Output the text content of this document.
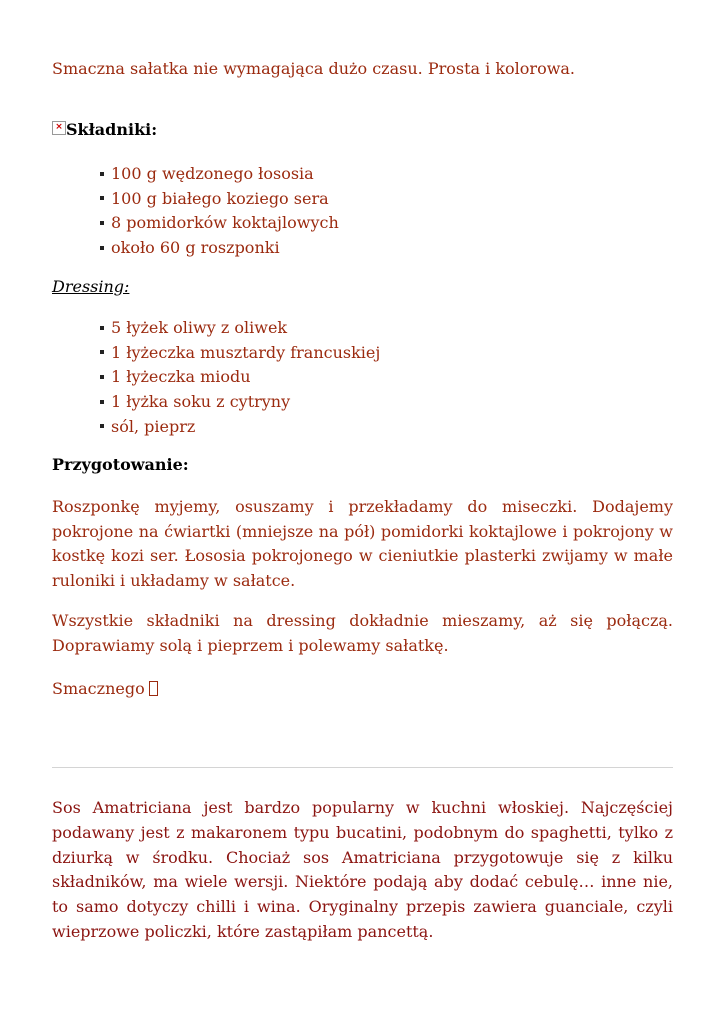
Smaczna sałatka nie wymagająca dużo czasu. Prosta i kolorowa.
× Składniki:
100 g wędzonego łososia
100 g białego koziego sera
8 pomidorków koktajlowych
około 60 g roszponki
Dressing:
5 łyżek oliwy z oliwek
1 łyżeczka musztardy francuskiej
1 łyżeczka miodu
1 łyżka soku z cytryny
sól, pieprz
Przygotowanie:

Roszponkę myjemy, osuszamy i przekładamy do miseczki. Dodajemy pokrojone na ćwiartki (mniejsze na pół) pomidorki koktajlowe i pokrojony w kostkę kozi ser. Łososia pokrojonego w cieniutkie plasterki zwijamy w małe ruloniki i układamy w sałatce.

Wszystkie składniki na dressing dokładnie mieszamy, aż się połączą. Doprawiamy solą i pieprzem i polewamy sałatkę.

Smacznego

Sos Amatriciana jest bardzo popularny w kuchni włoskiej. Najczęściej podawany jest z makaronem typu bucatini, podobnym do spaghetti, tylko z dziurką w środku. Chociaż sos Amatriciana przygotowuje się z kilku składników, ma wiele wersji. Niektóre podają aby dodać cebulę… inne nie, to samo dotyczy chilli i wina. Oryginalny przepis zawiera guanciale, czyli wieprzowe policzki, które zastąpiłam pancettą.
